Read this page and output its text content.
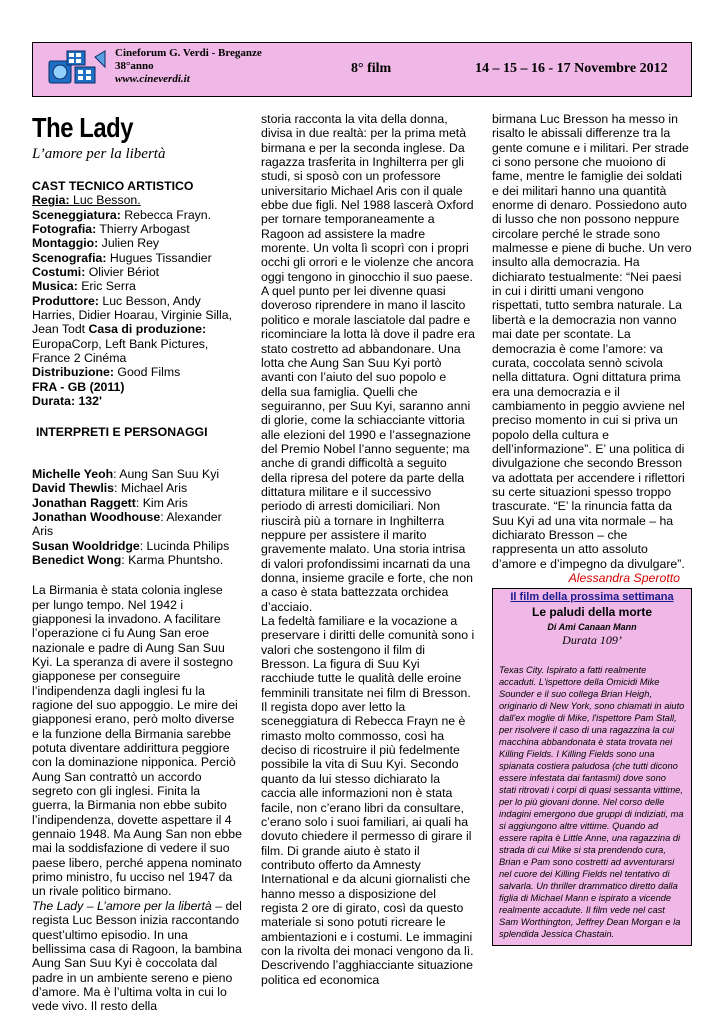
Cineforum G. Verdi - Breganze
38°anno
www.cineverdi.it
8° film	14 – 15 – 16 - 17 Novembre 2012
The Lady
L’amore per la libertà

CAST TECNICO ARTISTICO

Regia: Luc Besson.

Sceneggiatura: Rebecca Frayn.

Fotografia: Thierry Arbogast

Montaggio: Julien Rey

Scenografia: Hugues Tissandier

Costumi: Olivier Bériot

Musica: Eric Serra

Produttore: Luc Besson, Andy Harries, Didier Hoarau, Virginie Silla, Jean Todt Casa di produzione: EuropaCorp, Left Bank Pictures, France 2 Cinéma

Distribuzione: Good Films

FRA - GB (2011)

Durata: 132'

INTERPRETI E PERSONAGGI

Michelle Yeoh: Aung San Suu Kyi

David Thewlis: Michael Aris

Jonathan Raggett: Kim Aris

Jonathan Woodhouse: Alexander Aris

Susan Wooldridge: Lucinda Philips

Benedict Wong: Karma Phuntsho.

La Birmania è stata colonia inglese per lungo tempo. Nel 1942 i giapponesi la invadono. A facilitare l’operazione ci fu Aung San eroe nazionale e padre di Aung San Suu Kyi. La speranza di avere il sostegno giapponese per conseguire l’indipendenza dagli inglesi fu la ragione del suo appoggio. Le mire dei giapponesi erano, però molto diverse e la funzione della Birmania sarebbe potuta diventare addirittura peggiore con la dominazione nipponica. Perciò Aung San contrattò un accordo segreto con gli inglesi. Finita la guerra, la Birmania non ebbe subito l’indipendenza, dovette aspettare il 4 gennaio 1948. Ma Aung San non ebbe mai la soddisfazione di vedere il suo paese libero, perché appena nominato primo ministro, fu ucciso nel 1947 da un rivale politico birmano.

The Lady – L’amore per la libertà – del regista Luc Besson inizia raccontando quest’ultimo episodio. In una bellissima casa di Ragoon, la bambina Aung San Suu Kyi è coccolata dal padre in un ambiente sereno e pieno d’amore. Ma è l’ultima volta in cui lo vede vivo. Il resto della

storia racconta la vita della donna, divisa in due realtà: per la prima metà birmana e per la seconda inglese. Da ragazza trasferita in Inghilterra per gli studi, si sposò con un professore universitario Michael Aris con il quale ebbe due figli. Nel 1988 lascerà Oxford per tornare temporaneamente a Ragoon ad assistere la madre morente. Un volta lì scoprì con i propri occhi gli orrori e le violenze che ancora oggi tengono in ginocchio il suo paese. A quel punto per lei divenne quasi doveroso riprendere in mano il lascito politico e morale lasciatole dal padre e ricominciare la lotta là dove il padre era stato costretto ad abbandonare. Una lotta che Aung San Suu Kyi portò avanti con l’aiuto del suo popolo e della sua famiglia. Quelli che seguiranno, per Suu Kyi, saranno anni di glorie, come la schiacciante vittoria alle elezioni del 1990 e l’assegnazione del Premio Nobel l’anno seguente; ma anche di grandi difficoltà a seguito della ripresa del potere da parte della dittatura militare e il successivo periodo di arresti domiciliari. Non riuscirà più a tornare in Inghilterra neppure per assistere il marito gravemente malato. Una storia intrisa di valori profondissimi incarnati da una donna, insieme gracile e forte, che non a caso è stata battezzata orchidea d’acciaio.

La fedeltà familiare e la vocazione a preservare i diritti delle comunità sono i valori che sostengono il film di Bresson. La figura di Suu Kyi racchiude tutte le qualità delle eroine femminili transitate nei film di Bresson. Il regista dopo aver letto la sceneggiatura di Rebecca Frayn ne è rimasto molto commosso, così ha deciso di ricostruire il più fedelmente possibile la vita di Suu Kyi. Secondo quanto da lui stesso dichiarato la caccia alle informazioni non è stata facile, non c’erano libri da consultare, c’erano solo i suoi familiari, ai quali ha dovuto chiedere il permesso di girare il film. Di grande aiuto è stato il contributo offerto da Amnesty International e da alcuni giornalisti che hanno messo a disposizione del regista 2 ore di girato, così da questo materiale si sono potuti ricreare le ambientazioni e i costumi. Le immagini con la rivolta dei monaci vengono da lì.

Descrivendo l’agghiacciante situazione politica ed economica

birmana Luc Bresson ha messo in risalto le abissali differenze tra la gente comune e i militari. Per strade ci sono persone che muoiono di fame, mentre le famiglie dei soldati e dei militari hanno una quantità enorme di denaro. Possiedono auto di lusso che non possono neppure circolare perché le strade sono malmesse e piene di buche. Un vero insulto alla democrazia. Ha dichiarato testualmente: “Nei paesi in cui i diritti umani vengono rispettati, tutto sembra naturale. La libertà e la democrazia non vanno mai date per scontate. La democrazia è come l’amore: va curata, coccolata sennò scivola nella dittatura. Ogni dittatura prima era una democrazia e il cambiamento in peggio avviene nel preciso momento in cui si priva un popolo della cultura e dell’informazione”. E’ una politica di divulgazione che secondo Bresson va adottata per accendere i riflettori su certe situazioni spesso troppo trascurate. “E’ la rinuncia fatta da Suu Kyi ad una vita normale – ha dichiarato Bresson – che rappresenta un atto assoluto d’amore e d’impegno da divulgare”.

Alessandra Sperotto

Il film della prossima settimana
Le paludi della morte
Di Ami Canaan Mann
Durata 109’
Texas City. Ispirato a fatti realmente accaduti. L'ispettore della Omicidi Mike Sounder e il suo collega Brian Heigh, originario di New York, sono chiamati in aiuto dall'ex moglie di Mike, l'ispettore Pam Stall, per risolvere il caso di una ragazzina la cui macchina abbandonata è stata trovata nei Killing Fields. I Killing Fields sono una spianata costiera paludosa (che tutti dicono essere infestata dai fantasmi) dove sono stati ritrovati i corpi di quasi sessanta vittime, per lo più giovani donne. Nel corso delle indagini emergono due gruppi di indiziati, ma si aggiungono altre vittime. Quando ad essere rapita è Little Anne, una ragazzina di strada di cui Mike si sta prendendo cura, Brian e Pam sono costretti ad avventurarsi nel cuore dei Killing Fields nel tentativo di salvarla. Un thriller drammatico diretto dalla figlia di Michael Mann e ispirato a vicende realmente accadute. Il film vede nel cast Sam Worthington, Jeffrey Dean Morgan e la splendida Jessica Chastain.
